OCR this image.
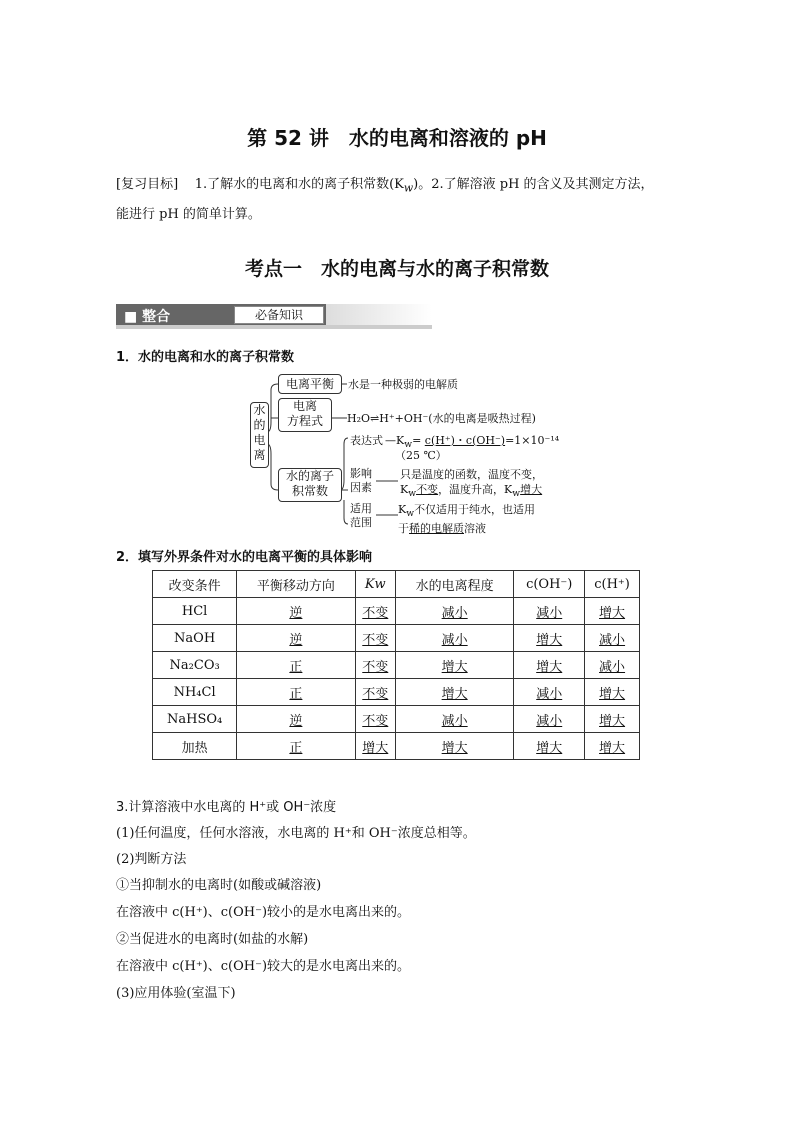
第 52 讲　水的电离和溶液的 pH
[复习目标] 1.了解水的电离和水的离子积常数$(K_w)$。2.了解溶液 pH 的含义及其测定方法，
能进行 pH 的简单计算。
考点一　水的电离与水的离子积常数
■ 整合	必备知识
1．水的电离和水的离子积常数
水
的
电
离
电离平衡	水是一种极弱的电解质
电离
方程式	H₂O⇌H⁺+OH⁻(水的电离是吸热过程)
水的离子
积常数
表达式 $—K_w= c(H^+)$・c(OH⁻)=1×10⁻¹⁴
（25 ℃）
影响
因素
只是温度的函数，温度不变，
$K_w$不变，温度升高，$K_w$增大
适用
范围
$K_w$不仅适用于纯水，也适用
于稀的电解质溶液
2．填写外界条件对水的电离平衡的具体影响
改变条件	平衡移动方向	Kw	水的电离程度	c(OH⁻)	c(H⁺)
HCl	逆	不变	减小	减小	增大
NaOH	逆	不变	减小	增大	减小
Na₂CO₃	正	不变	增大	增大	减小
NH₄Cl	正	不变	增大	减小	增大
NaHSO₄	逆	不变	减小	减小	增大
加热	正	增大	增大	增大	增大
3.计算溶液中水电离的 H⁺或 OH⁻浓度
(1)任何温度，任何水溶液，水电离的 H⁺和 OH⁻浓度总相等。
(2)判断方法
①当抑制水的电离时(如酸或碱溶液)
在溶液中 c(H⁺)、c(OH⁻)较小的是水电离出来的。
②当促进水的电离时(如盐的水解)
在溶液中 c(H⁺)、c(OH⁻)较大的是水电离出来的。
(3)应用体验(室温下)
